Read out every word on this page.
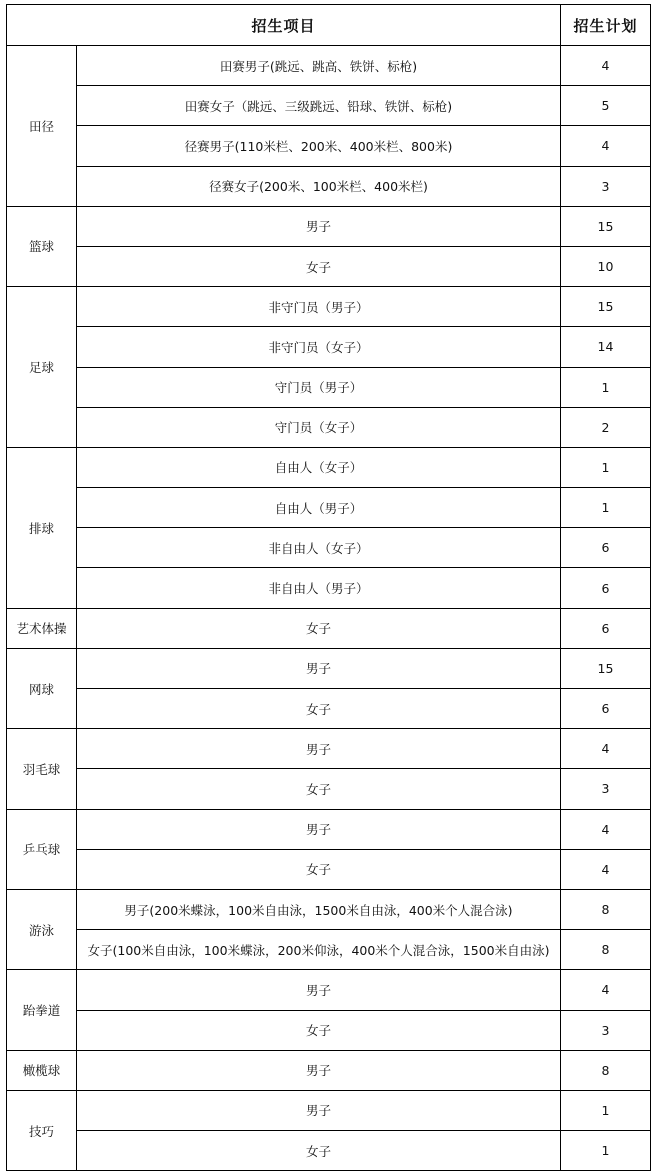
招生项目		招生计划
田径	田赛男子(跳远、跳高、铁饼、标枪)	4
	田赛女子（跳远、三级跳远、铅球、铁饼、标枪)	5
	径赛男子(110米栏、200米、400米栏、800米)	4
	径赛女子(200米、100米栏、400米栏)	3
篮球	男子	15
	女子	10
足球	非守门员（男子）	15
	非守门员（女子）	14
	守门员（男子）	1
	守门员（女子）	2
排球	自由人（女子）	1
	自由人（男子）	1
	非自由人（女子）	6
	非自由人（男子）	6
艺术体操	女子	6
网球	男子	15
	女子	6
羽毛球	男子	4
	女子	3
乒乓球	男子	4
	女子	4
游泳	男子(200米蝶泳，100米自由泳，1500米自由泳，400米个人混合泳)	8
	女子(100米自由泳，100米蝶泳，200米仰泳，400米个人混合泳，1500米自由泳)	8
跆拳道	男子	4
	女子	3
橄榄球	男子	8
技巧	男子	1
	女子	1
